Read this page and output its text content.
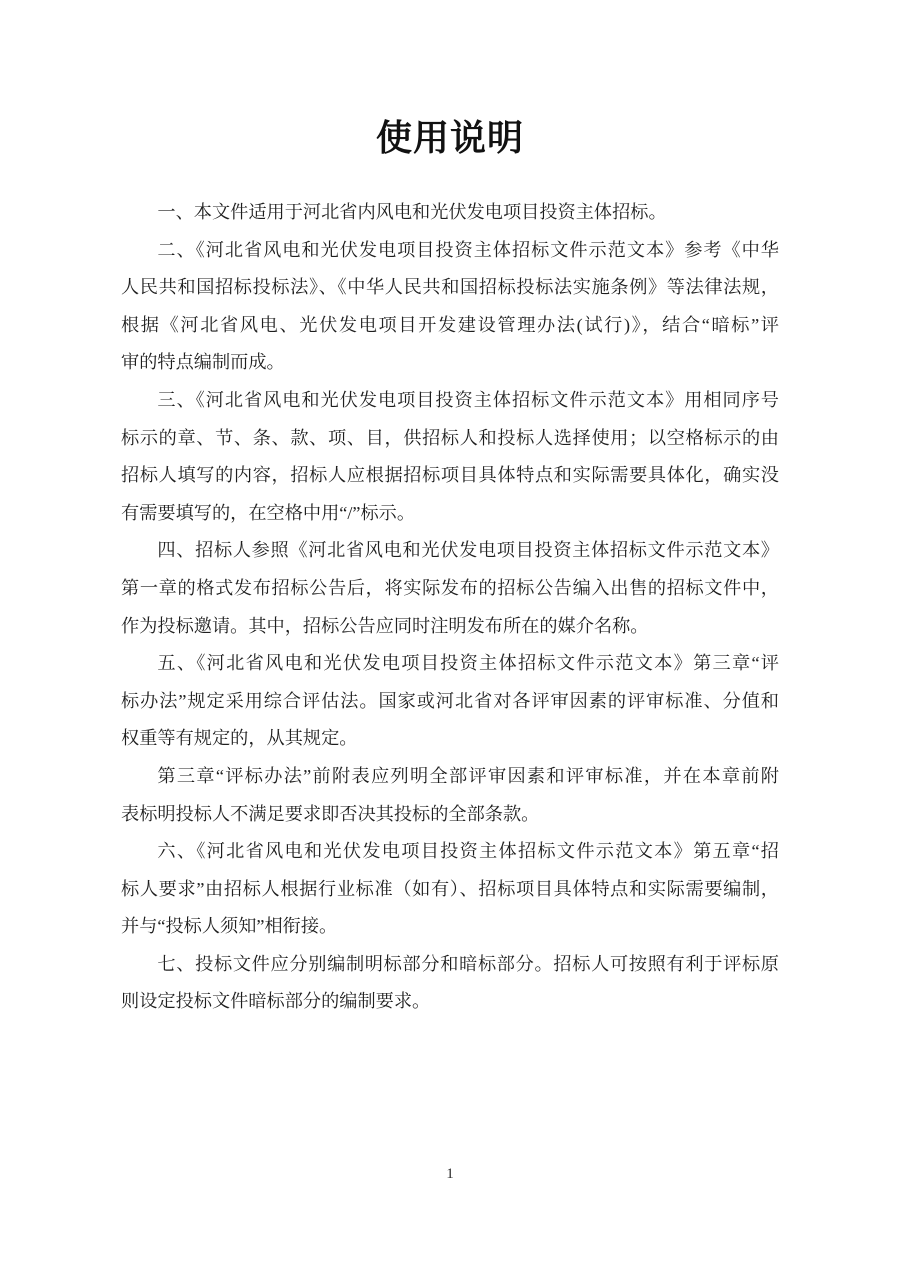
使用说明
一、本文件适用于河北省内风电和光伏发电项目投资主体招标。
二、《河北省风电和光伏发电项目投资主体招标文件示范文本》参考《中华
人民共和国招标投标法》、《中华人民共和国招标投标法实施条例》等法律法规，
根据《河北省风电、光伏发电项目开发建设管理办法(试行)》，结合“暗标”评
审的特点编制而成。
三、《河北省风电和光伏发电项目投资主体招标文件示范文本》用相同序号
标示的章、节、条、款、项、目，供招标人和投标人选择使用；以空格标示的由
招标人填写的内容，招标人应根据招标项目具体特点和实际需要具体化，确实没
有需要填写的，在空格中用“/”标示。
四、招标人参照《河北省风电和光伏发电项目投资主体招标文件示范文本》
第一章的格式发布招标公告后，将实际发布的招标公告编入出售的招标文件中，
作为投标邀请。其中，招标公告应同时注明发布所在的媒介名称。
五、《河北省风电和光伏发电项目投资主体招标文件示范文本》第三章“评
标办法”规定采用综合评估法。国家或河北省对各评审因素的评审标准、分值和
权重等有规定的，从其规定。
第三章“评标办法”前附表应列明全部评审因素和评审标准，并在本章前附
表标明投标人不满足要求即否决其投标的全部条款。
六、《河北省风电和光伏发电项目投资主体招标文件示范文本》第五章“招
标人要求”由招标人根据行业标准（如有）、招标项目具体特点和实际需要编制，
并与“投标人须知”相衔接。
七、投标文件应分别编制明标部分和暗标部分。招标人可按照有利于评标原
则设定投标文件暗标部分的编制要求。
1
